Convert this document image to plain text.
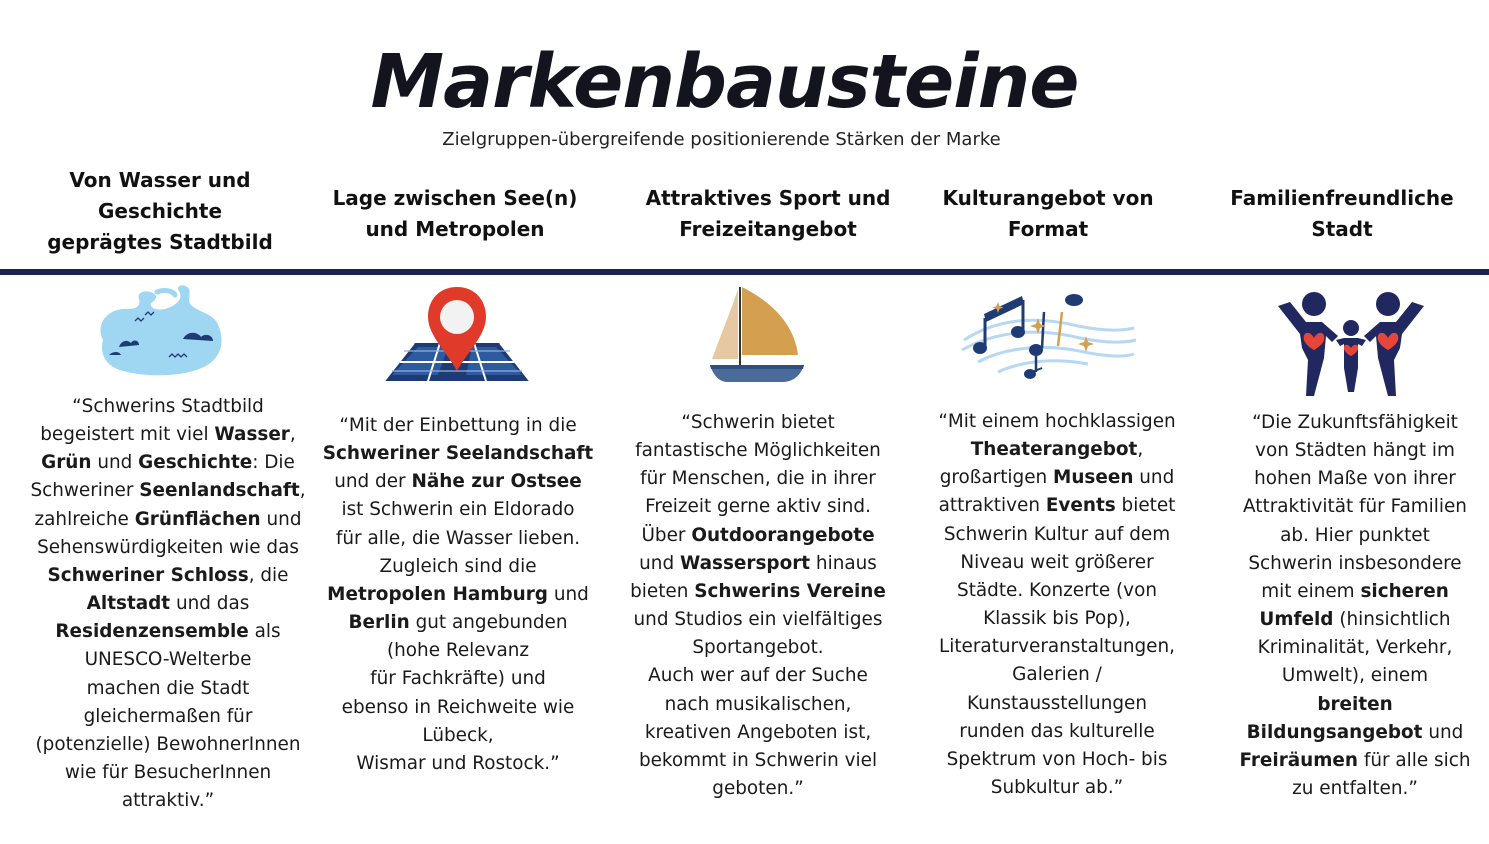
Markenbausteine
Zielgruppen-übergreifende positionierende Stärken der Marke
Von Wasser und
Geschichte
geprägtes Stadtbild
Lage zwischen See(n)
und Metropolen
Attraktives Sport und
Freizeitangebot
Kulturangebot von
Format
Familienfreundliche
Stadt
“Schwerins Stadtbild
begeistert mit viel Wasser,
Grün und Geschichte: Die
Schweriner Seenlandschaft,
zahlreiche Grünflächen und
Sehenswürdigkeiten wie das
Schweriner Schloss, die
Altstadt und das
Residenzensemble als
UNESCO-Welterbe
machen die Stadt
gleichermaßen für
(potenzielle) BewohnerInnen
wie für BesucherInnen
attraktiv.”
“Mit der Einbettung in die
Schweriner Seelandschaft
und der Nähe zur Ostsee
ist Schwerin ein Eldorado
für alle, die Wasser lieben.
Zugleich sind die
Metropolen Hamburg und
Berlin gut angebunden
(hohe Relevanz
für Fachkräfte) und
ebenso in Reichweite wie
Lübeck,
Wismar und Rostock.”
“Schwerin bietet
fantastische Möglichkeiten
für Menschen, die in ihrer
Freizeit gerne aktiv sind.
Über Outdoorangebote
und Wassersport hinaus
bieten Schwerins Vereine
und Studios ein vielfältiges
Sportangebot.
Auch wer auf der Suche
nach musikalischen,
kreativen Angeboten ist,
bekommt in Schwerin viel
geboten.”
“Mit einem hochklassigen
Theaterangebot,
großartigen Museen und
attraktiven Events bietet
Schwerin Kultur auf dem
Niveau weit größerer
Städte. Konzerte (von
Klassik bis Pop),
Literaturveranstaltungen,
Galerien /
Kunstausstellungen
runden das kulturelle
Spektrum von Hoch- bis
Subkultur ab.”
“Die Zukunftsfähigkeit
von Städten hängt im
hohen Maße von ihrer
Attraktivität für Familien
ab. Hier punktet
Schwerin insbesondere
mit einem sicheren
Umfeld (hinsichtlich
Kriminalität, Verkehr,
Umwelt), einem
breiten
Bildungsangebot und
Freiräumen für alle sich
zu entfalten.”
